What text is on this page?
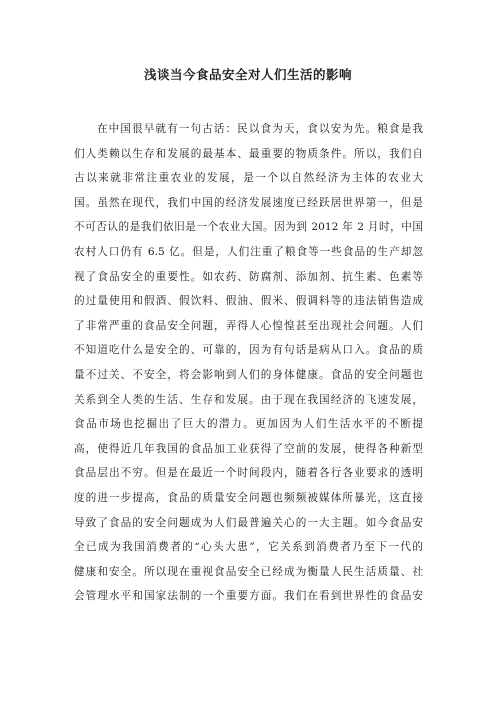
浅谈当今食品安全对人们生活的影响
在中国很早就有一句古话：民以食为天，食以安为先。粮食是我
们人类赖以生存和发展的最基本、最重要的物质条件。所以，我们自
古以来就非常注重农业的发展，是一个以自然经济为主体的农业大
国。虽然在现代，我们中国的经济发展速度已经跃居世界第一，但是
不可否认的是我们依旧是一个农业大国。因为到 2012 年 2 月时，中国
农村人口仍有 6.5 亿。但是，人们注重了粮食等一些食品的生产却忽
视了食品安全的重要性。如农药、防腐剂、添加剂、抗生素、色素等
的过量使用和假酒、假饮料、假油、假米、假调料等的违法销售造成
了非常严重的食品安全问题，弄得人心惶惶甚至出现社会问题。人们
不知道吃什么是安全的、可靠的，因为有句话是病从口入。食品的质
量不过关、不安全，将会影响到人们的身体健康。食品的安全问题也
关系到全人类的生活、生存和发展。由于现在我国经济的飞速发展，
食品市场也挖掘出了巨大的潜力。更加因为人们生活水平的不断提
高，使得近几年我国的食品加工业获得了空前的发展，使得各种新型
食品层出不穷。但是在最近一个时间段内，随着各行各业要求的透明
度的进一步提高，食品的质量安全问题也频频被媒体所暴光，这直接
导致了食品的安全问题成为人们最普遍关心的一大主题。如今食品安
全已成为我国消费者的“心头大患”，它关系到消费者乃至下一代的
健康和安全。所以现在重视食品安全已经成为衡量人民生活质量、社
会管理水平和国家法制的一个重要方面。我们在看到世界性的食品安
